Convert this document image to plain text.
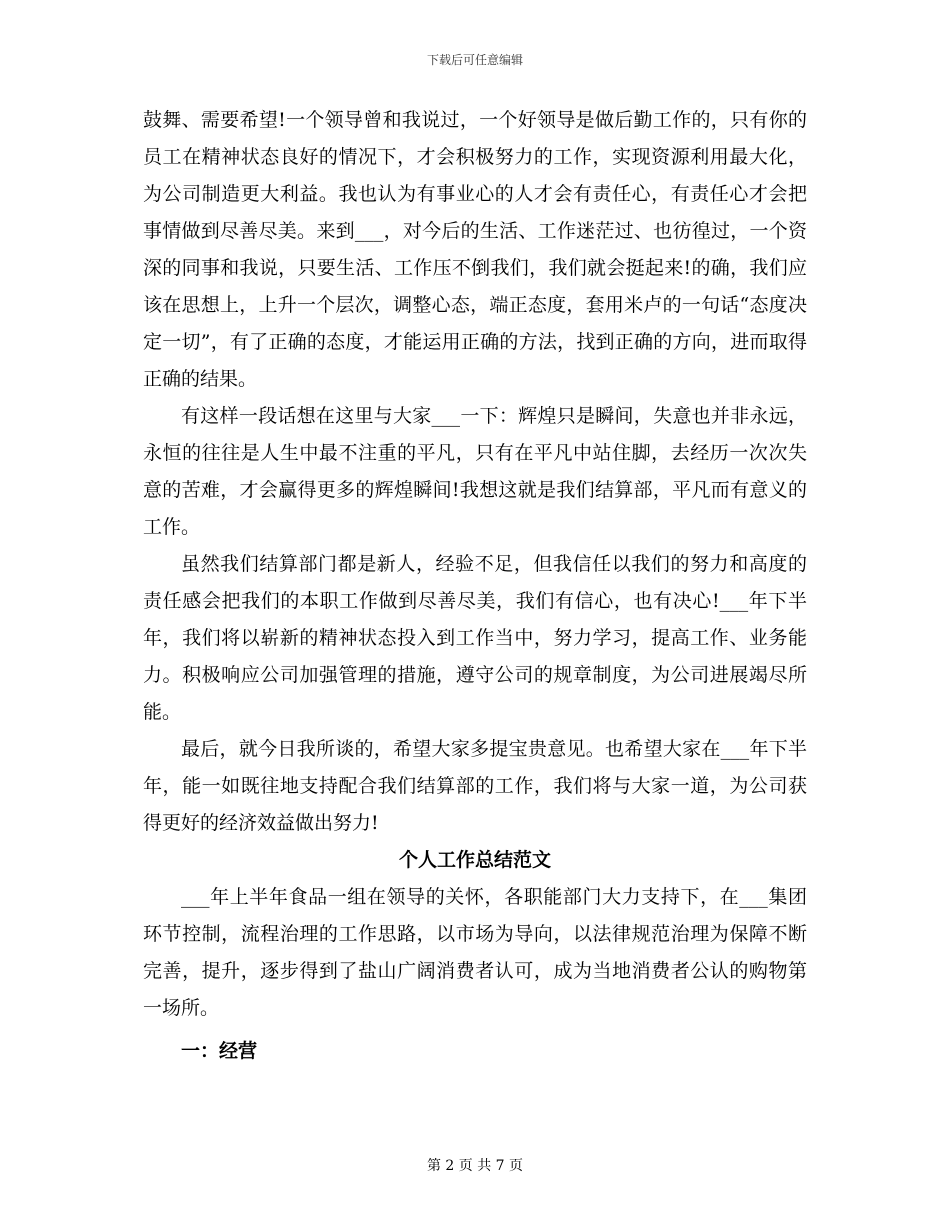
下载后可任意编辑

鼓舞、需要希望!一个领导曾和我说过，一个好领导是做后勤工作的，只有你的员工在精神状态良好的情况下，才会积极努力的工作，实现资源利用最大化，为公司制造更大利益。我也认为有事业心的人才会有责任心，有责任心才会把事情做到尽善尽美。来到___，对今后的生活、工作迷茫过、也彷徨过，一个资深的同事和我说，只要生活、工作压不倒我们，我们就会挺起来!的确，我们应该在思想上，上升一个层次，调整心态，端正态度，套用米卢的一句话“态度决定一切”，有了正确的态度，才能运用正确的方法，找到正确的方向，进而取得正确的结果。

有这样一段话想在这里与大家___一下：辉煌只是瞬间，失意也并非永远，永恒的往往是人生中最不注重的平凡，只有在平凡中站住脚，去经历一次次失意的苦难，才会赢得更多的辉煌瞬间!我想这就是我们结算部，平凡而有意义的工作。

虽然我们结算部门都是新人，经验不足，但我信任以我们的努力和高度的责任感会把我们的本职工作做到尽善尽美，我们有信心，也有决心!___年下半年，我们将以崭新的精神状态投入到工作当中，努力学习，提高工作、业务能力。积极响应公司加强管理的措施，遵守公司的规章制度，为公司进展竭尽所能。

最后，就今日我所谈的，希望大家多提宝贵意见。也希望大家在___年下半年，能一如既往地支持配合我们结算部的工作，我们将与大家一道，为公司获得更好的经济效益做出努力!

个人工作总结范文

___年上半年食品一组在领导的关怀，各职能部门大力支持下，在___集团环节控制，流程治理的工作思路，以市场为导向，以法律规范治理为保障不断完善，提升，逐步得到了盐山广阔消费者认可，成为当地消费者公认的购物第一场所。

一：经营

第 2 页 共 7 页
